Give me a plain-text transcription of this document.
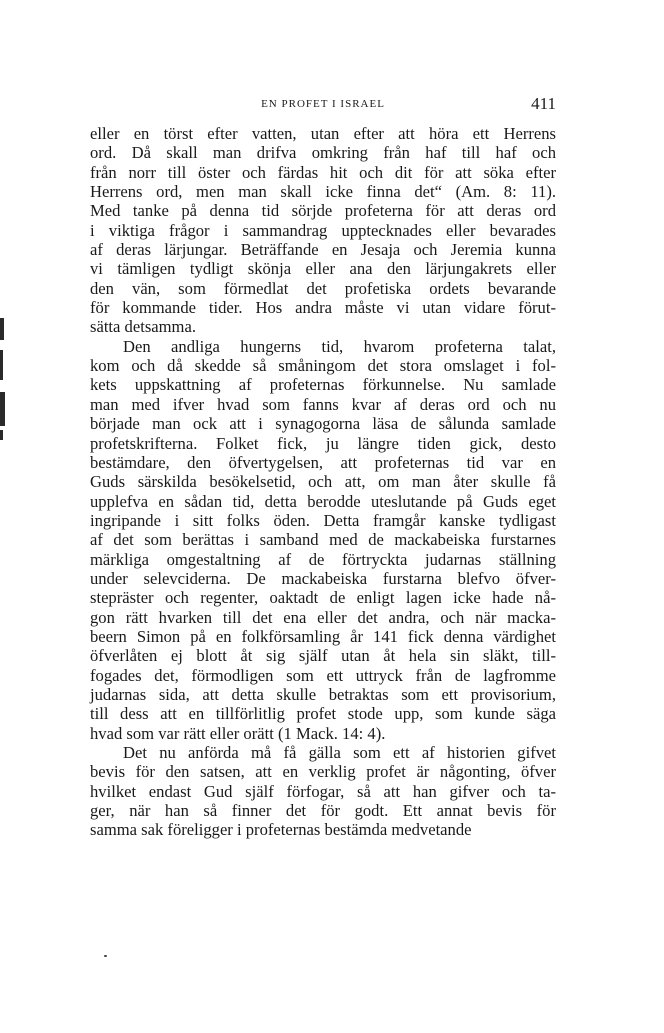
EN PROFET I ISRAEL	411
eller en törst efter vatten, utan efter att höra ett Herrens
ord. Då skall man drifva omkring från haf till haf och
från norr till öster och färdas hit och dit för att söka efter
Herrens ord, men man skall icke finna det“ (Am. 8: 11).
Med tanke på denna tid sörjde profeterna för att deras ord
i viktiga frågor i sammandrag upptecknades eller bevarades
af deras lärjungar. Beträffande en Jesaja och Jeremia kunna
vi tämligen tydligt skönja eller ana den lärjungakrets eller
den vän, som förmedlat det profetiska ordets bevarande
för kommande tider. Hos andra måste vi utan vidare förut-
sätta detsamma.
Den andliga hungerns tid, hvarom profeterna talat,
kom och då skedde så småningom det stora omslaget i fol-
kets uppskattning af profeternas förkunnelse. Nu samlade
man med ifver hvad som fanns kvar af deras ord och nu
började man ock att i synagogorna läsa de sålunda samlade
profetskrifterna. Folket fick, ju längre tiden gick, desto
bestämdare, den öfvertygelsen, att profeternas tid var en
Guds särskilda besökelsetid, och att, om man åter skulle få
upplefva en sådan tid, detta berodde uteslutande på Guds eget
ingripande i sitt folks öden. Detta framgår kanske tydligast
af det som berättas i samband med de mackabeiska furstarnes
märkliga omgestaltning af de förtryckta judarnas ställning
under selevciderna. De mackabeiska furstarna blefvo öfver-
stepräster och regenter, oaktadt de enligt lagen icke hade nå-
gon rätt hvarken till det ena eller det andra, och när macka-
beern Simon på en folkförsamling år 141 fick denna värdighet
öfverlåten ej blott åt sig själf utan åt hela sin släkt, till-
fogades det, förmodligen som ett uttryck från de lagfromme
judarnas sida, att detta skulle betraktas som ett provisorium,
till dess att en tillförlitlig profet stode upp, som kunde säga
hvad som var rätt eller orätt (1 Mack. 14: 4).
Det nu anförda må få gälla som ett af historien gifvet
bevis för den satsen, att en verklig profet är någonting, öfver
hvilket endast Gud själf förfogar, så att han gifver och ta-
ger, när han så finner det för godt. Ett annat bevis för
samma sak föreligger i profeternas bestämda medvetande
